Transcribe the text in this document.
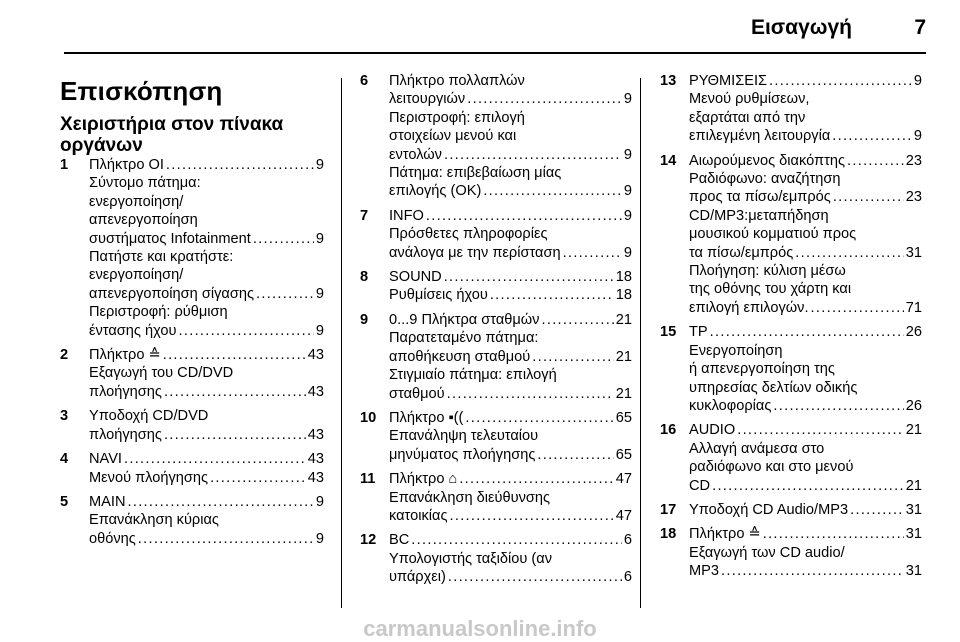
Εισαγωγή	7
Επισκόπηση
Χειριστήρια στον πίνακα
οργάνων
1 Πλήκτρο ΟΙ .....	9
Σύντομο πάτημα:
ενεργοποίηση/
απενεργοποίηση
συστήματος Infotainment .....	9
Πατήστε και κρατήστε:
ενεργοποίηση/
απενεργοποίηση σίγασης .....	9
Περιστροφή: ρύθμιση
έντασης ήχου .....	9
2 Πλήκτρο ≙ .....	43
Εξαγωγή του CD/DVD
πλοήγησης .....	43
3 Υποδοχή CD/DVD
πλοήγησης .....	43
4 NAVI .....	43
Μενού πλοήγησης .....	43
5 MAIN .....	9
Επανάκληση κύριας
οθόνης .....	9
6 Πλήκτρο πολλαπλών
λειτουργιών .....	9
Περιστροφή: επιλογή
στοιχείων μενού και
εντολών .....	9
Πάτημα: επιβεβαίωση μίας
επιλογής (OK) .....	9
7 INFO .....	9
Πρόσθετες πληροφορίες
ανάλογα με την περίσταση .....	9
8 SOUND .....	18
Ρυθμίσεις ήχου .....	18
9 0...9 Πλήκτρα σταθμών .....	21
Παρατεταμένο πάτημα:
αποθήκευση σταθμού .....	21
Στιγμιαίο πάτημα: επιλογή
σταθμού .....	21
10 Πλήκτρο ▪(( .....	65
Επανάληψη τελευταίου
μηνύματος πλοήγησης .....	65
11 Πλήκτρο ⌂ .....	47
Επανάκληση διεύθυνσης
κατοικίας .....	47
12 BC .....	6
Υπολογιστής ταξιδίου (αν
υπάρχει) .....	6
13 ΡΥΘΜΙΣΕΙΣ .....	9
Μενού ρυθμίσεων,
εξαρτάται από την
επιλεγμένη λειτουργία .....	9
14 Αιωρούμενος διακόπτης .....	23
Ραδιόφωνο: αναζήτηση
προς τα πίσω/εμπρός .....	23
CD/MP3:μεταπήδηση
μουσικού κομματιού προς
τα πίσω/εμπρός .....	31
Πλοήγηση: κύλιση μέσω
της οθόνης του χάρτη και
επιλογή επιλογών. .....	71
15 TP .....	26
Ενεργοποίηση
ή απενεργοποίηση της
υπηρεσίας δελτίων οδικής
κυκλοφορίας .....	26
16 AUDIO .....	21
Αλλαγή ανάμεσα στο
ραδιόφωνο και στο μενού
CD .....	21
17 Υποδοχή CD Audio/MP3 .....	31
18 Πλήκτρο ≙ .....	31
Εξαγωγή των CD audio/
MP3 .....	31
carmanualsonline.info
